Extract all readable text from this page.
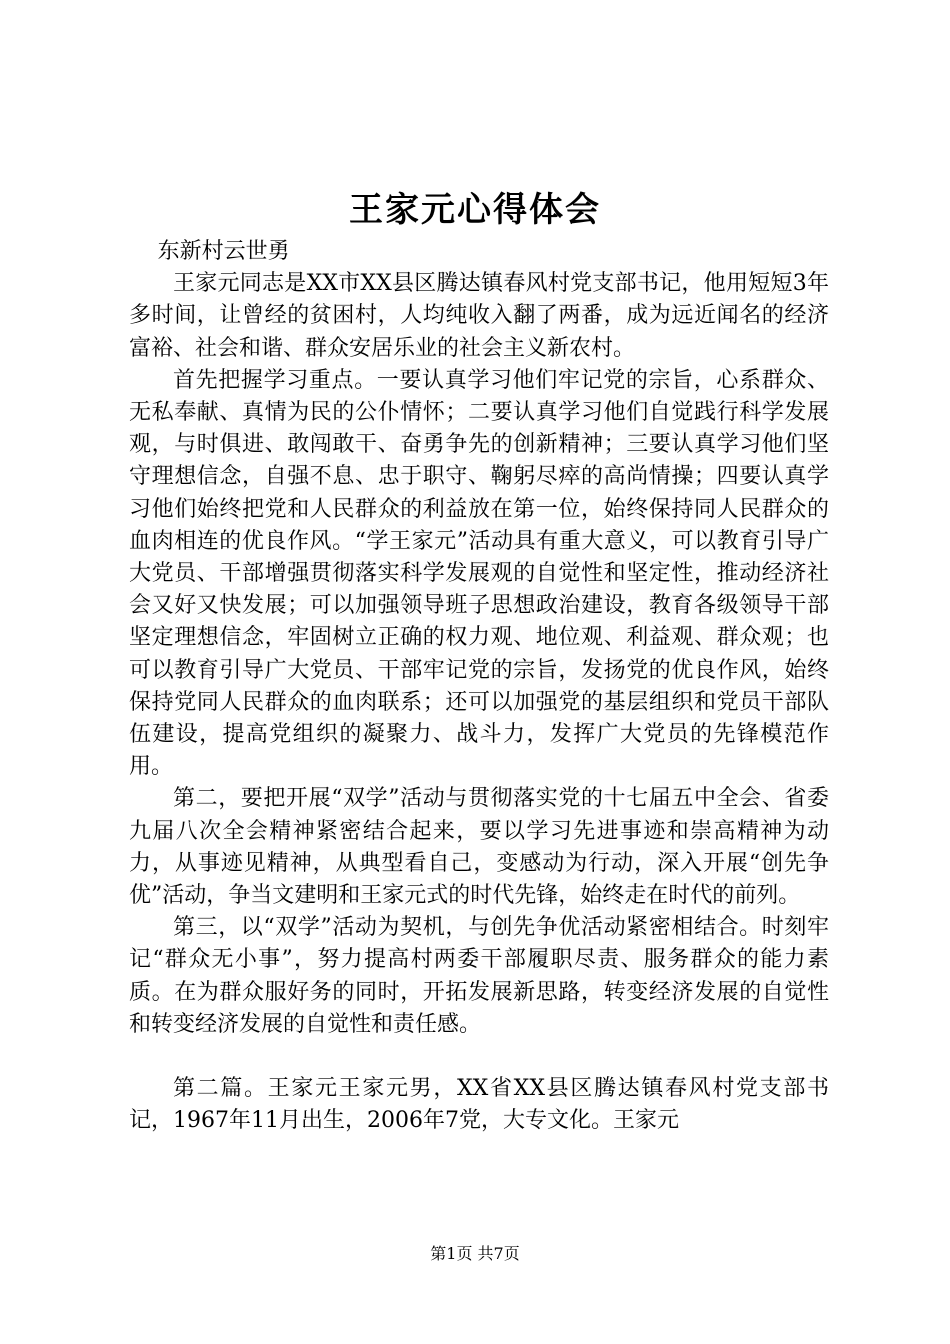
王家元心得体会

东新村云世勇

王家元同志是XX市XX县区腾达镇春风村党支部书记，他用短短3年多时间，让曾经的贫困村，人均纯收入翻了两番，成为远近闻名的经济富裕、社会和谐、群众安居乐业的社会主义新农村。

首先把握学习重点。一要认真学习他们牢记党的宗旨，心系群众、无私奉献、真情为民的公仆情怀；二要认真学习他们自觉践行科学发展观，与时俱进、敢闯敢干、奋勇争先的创新精神；三要认真学习他们坚守理想信念，自强不息、忠于职守、鞠躬尽瘁的高尚情操；四要认真学习他们始终把党和人民群众的利益放在第一位，始终保持同人民群众的血肉相连的优良作风。“学王家元”活动具有重大意义，可以教育引导广大党员、干部增强贯彻落实科学发展观的自觉性和坚定性，推动经济社会又好又快发展；可以加强领导班子思想政治建设，教育各级领导干部坚定理想信念，牢固树立正确的权力观、地位观、利益观、群众观；也可以教育引导广大党员、干部牢记党的宗旨，发扬党的优良作风，始终保持党同人民群众的血肉联系；还可以加强党的基层组织和党员干部队伍建设，提高党组织的凝聚力、战斗力，发挥广大党员的先锋模范作用。

第二，要把开展“双学”活动与贯彻落实党的十七届五中全会、省委九届八次全会精神紧密结合起来，要以学习先进事迹和崇高精神为动力，从事迹见精神，从典型看自己，变感动为行动，深入开展“创先争优”活动，争当文建明和王家元式的时代先锋，始终走在时代的前列。

第三，以“双学”活动为契机，与创先争优活动紧密相结合。时刻牢记“群众无小事”，努力提高村两委干部履职尽责、服务群众的能力素质。在为群众服好务的同时，开拓发展新思路，转变经济发展的自觉性和转变经济发展的自觉性和责任感。

第二篇。王家元王家元男，XX省XX县区腾达镇春风村党支部书记，1967年11月出生，2006年7党，大专文化。王家元

第1页 共7页
